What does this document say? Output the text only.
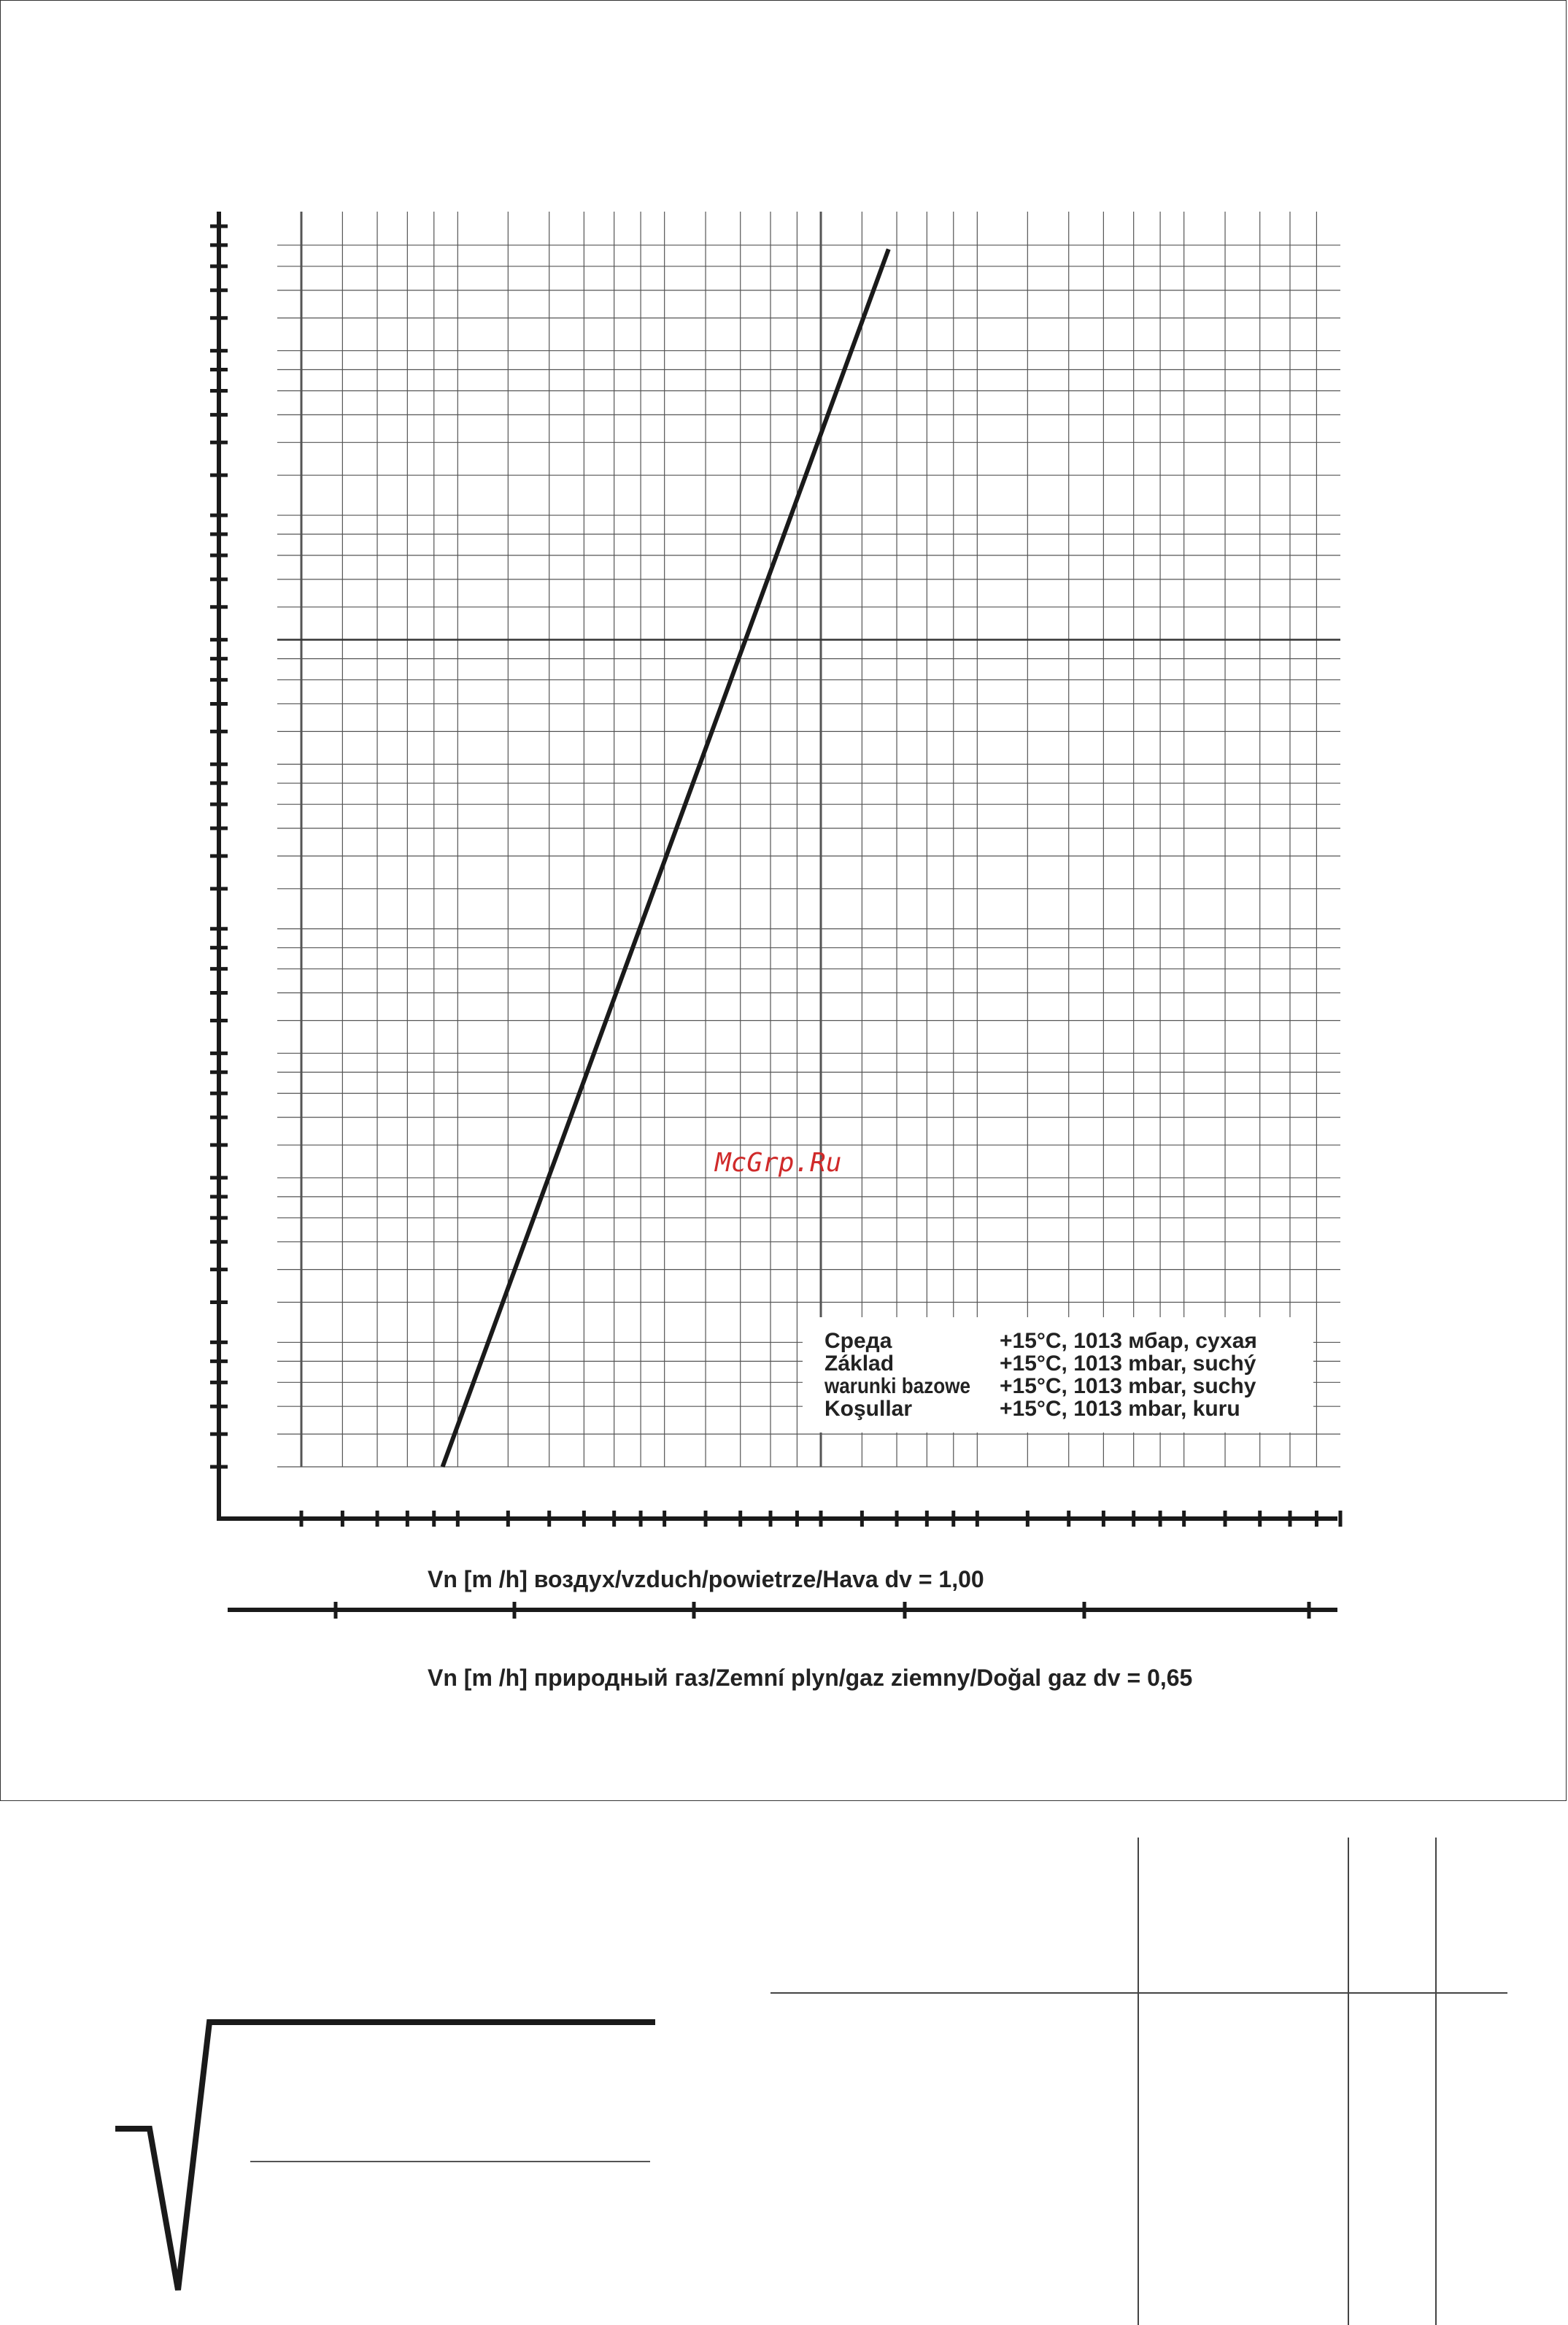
Среда	+15°C, 1013 мбар, сухая
Základ	+15°C, 1013 mbar, suchý
warunki bazowe +15°C, 1013 mbar, suchy
Koşullar	+15°C, 1013 mbar, kuru
McGrp.Ru
Vn [m /h] воздух/vzduch/powietrze/Hava dv = 1,00
Vn [m /h] природный газ/Zemní plyn/gaz ziemny/Doğal gaz dv = 0,65
